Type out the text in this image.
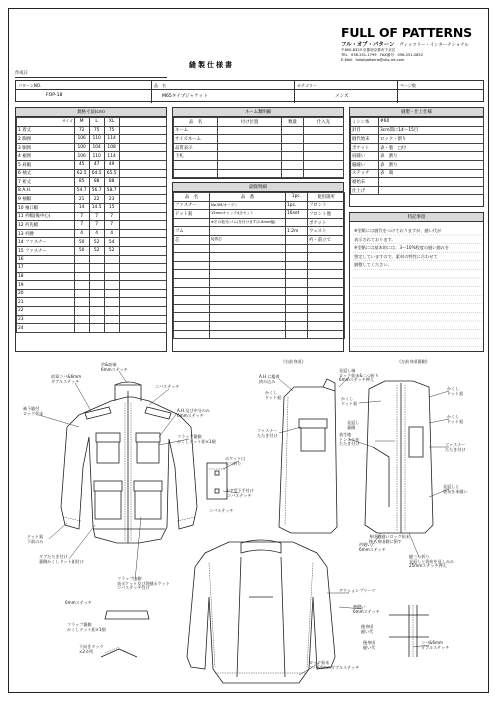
縫製仕様書
FULL OF PATTERNS
フル・オブ・パターン ヴィッツリー・インターナショナル
〒600-8323 京都府京都市下京区
TEL：056-251-1799　FAX番号：056-251-2852
E-Mail：fullofpatterns@vitz-int.com
作成日
パターンNO.
FOP-18
品　名
M65タイプジャケット
カテゴリー
メンズ
ページ数
規格寸法(cm)
サイズ	M	L	XL	
1 着丈	72	75	75	
2 胸囲	106	110	114	
3 胴囲	100	104	108	
4 裾囲	106	110	114	
5 肩幅	45	47	49	
6 袖丈	62.5	64.5	65.5	
7 裄丈	85	88	88	
8 A.H.	54.7	56.7	58.7	
9 袖幅	21	22	23	
10 袖口幅	14	14.5	15	
11 衿幅(後中心)	7	7	7	
12 衿先幅	7	7	7	
13 衿腰	4	4	4	
14 ファスナー	50	52	54	
15 ファスナー	50	52	52	
16				
17				
18				
19				
20				
21				
22				
23				
24				
ネーム類明細
品　名	付け位置	数量	仕入先
ネーム			
サイズネーム			
品質表示			
下札			

副資明細
品　名	品　番	1pc.	使用箇所
ファスナー	No.5M/オープン	1pc.	フロント
ドット釦	15mmキャップ4点セット	16set	フロント他
	※その他刃(ゴム)を付けます(1.6mm幅)		ポケット
ゴム		1.2m	ウェスト
芯	接着芯		衿・前立て

縫製・仕上仕様
ミシン糸	#60
針目	3cm間に14〜15目
縫代始末	ロック・割り
ポケット	表・裏　□付
肩縫い	表　割り
脇縫い	表　割り
ステッチ	表　端
裾始末	
仕上げ	
特記事項
※型紙には縫代をつけておりますが、縫い代が
表示されております。
※型紙には基本的には、3〜10%程度の縫い縮みを
想定していますので、素材の特性に合わせて
調整してください。
《右前身頃》	《左前身頃裏側》
衿&前端
6mmステッチ
肩章コバ&6mm
ダブルステッチ
コバステッチ
A.H.及び中分のみ
6mmステッチ
袖下脇付
ロック始末
フラップ裏側
かくしドット釦×1個
ポケット口
二つ折り
L字型下手付け
コバステッチ
コバステッチ
ドット釦
下前のみ
タブたたき付け
裏側かくしドット釦付け
フラップ内側
表ポケット及び袋縫ポケット
コバステッチ付け
6mmステッチ
フラップ裏側
かくしドット釦×1個
下向きタック
×2カ所
A.H.に履着
挟み込み
見返し端
ロック始末&二つ折り
6mmステッチ押え
かくし
ドット釦
ファスナー
たたき付け
かくし
ドット釦
見返し
裏側
ファスナー
たたき付け
見返しと
袋布を本縫い
かくし
ドット釦
かくし
ドット釦
身頃脇縫いロック始末
後ろ身頃側に倒す
表生地
トンネル布
たたき付け
衿縫い
6mmステッチ
縫三つ折り
見返しと袋布を見しみみ
25mmステッチ押え
アクションプリーツ
袖縫い
6mmステッチ
後身頃
縫い代
後身頃
縫い代
コバ&6mm
ダブルステッチ
ロック始末
コバ&6mmダブルステッチ
